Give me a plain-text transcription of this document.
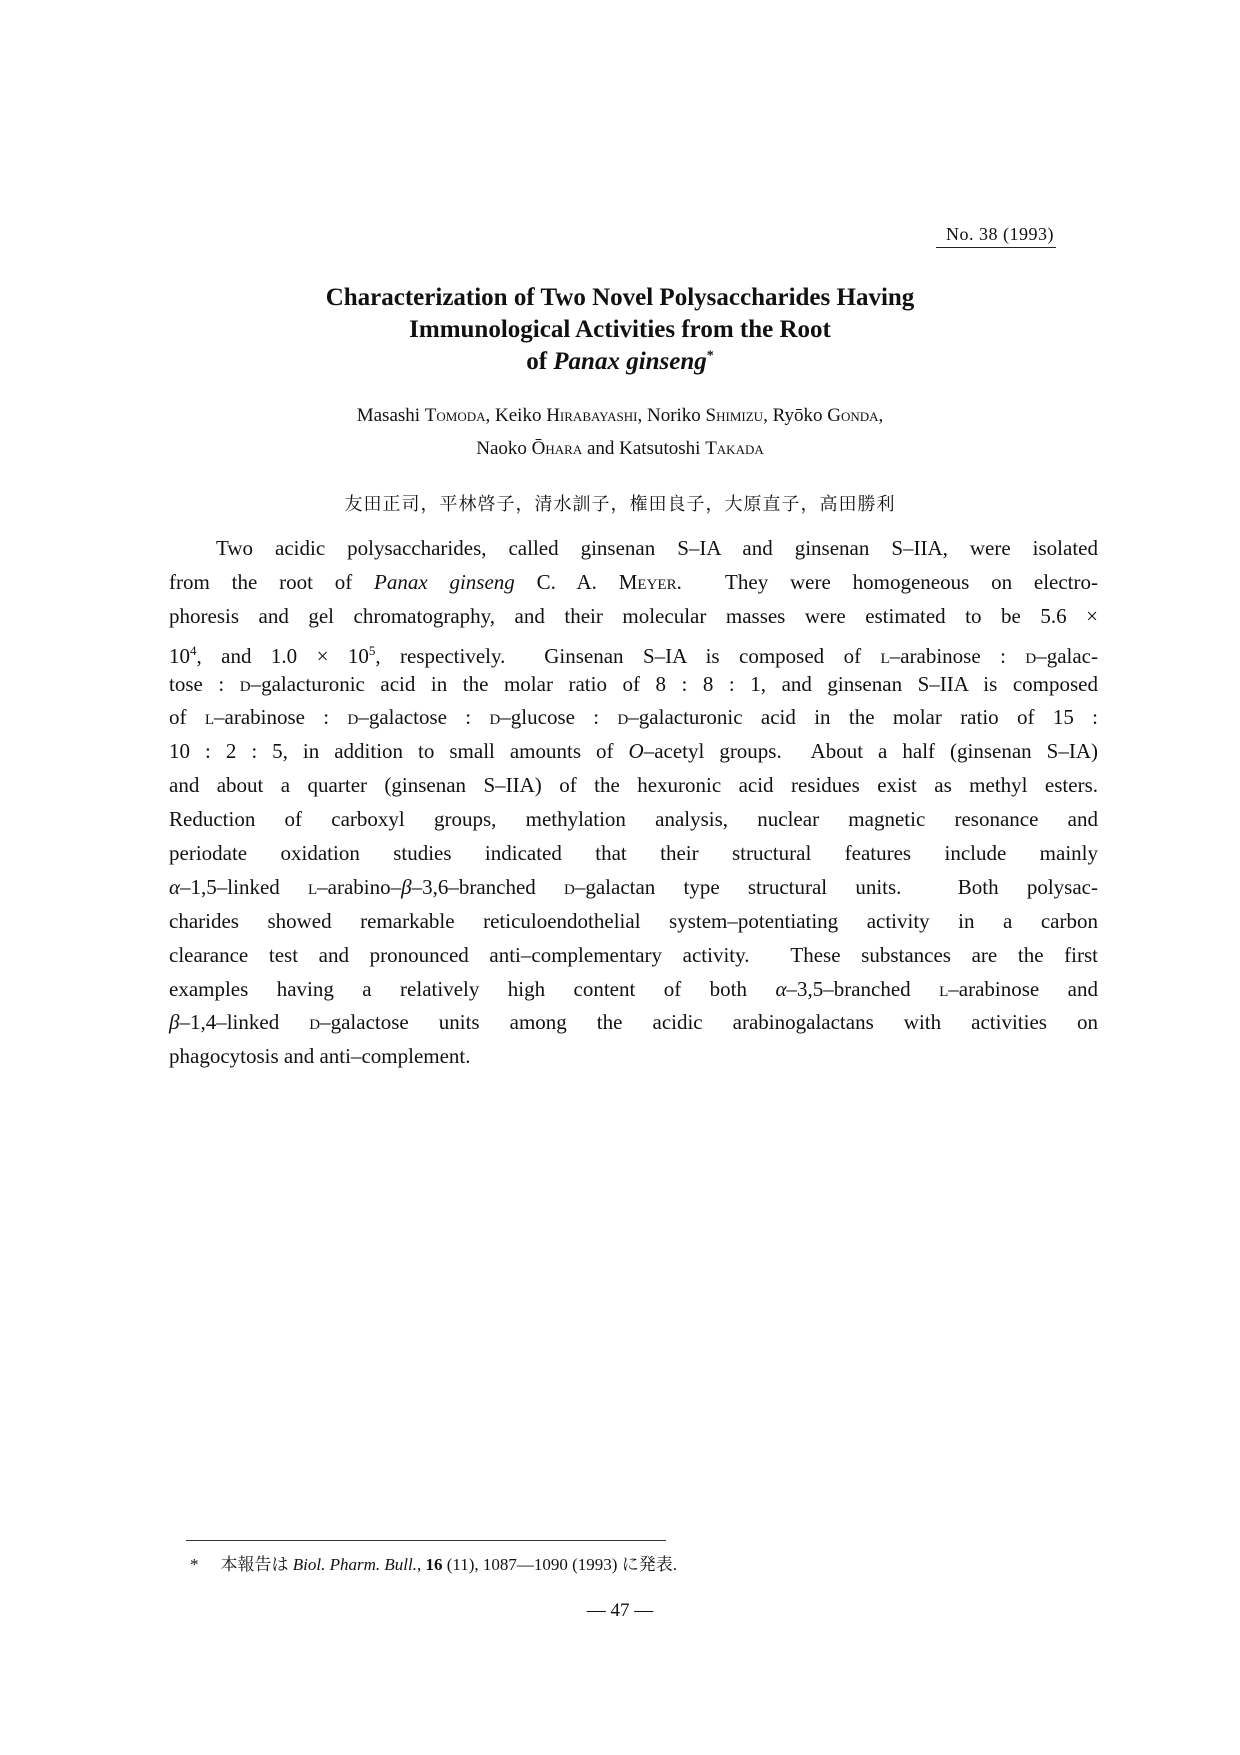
No. 38 (1993)
Characterization of Two Novel Polysaccharides Having
Immunological Activities from the Root
of Panax ginseng*
Masashi Tomoda, Keiko Hirabayashi, Noriko Shimizu, Ryōko Gonda,
Naoko Ōhara and Katsutoshi Takada
友田正司，平林啓子，清水訓子，権田良子，大原直子，高田勝利
Two acidic polysaccharides, called ginsenan S–IA and ginsenan S–IIA, were isolated
from the root of Panax ginseng C. A. Meyer.  They were homogeneous on electro-
phoresis and gel chromatography, and their molecular masses were estimated to be 5.6 ×
$10^4$, and $1.0 \times 10^5$, respectively.  Ginsenan S–IA is composed of l–arabinose : d–galac-
tose : d–galacturonic acid in the molar ratio of 8 : 8 : 1, and ginsenan S–IIA is composed
of l–arabinose : d–galactose : d–glucose : d–galacturonic acid in the molar ratio of 15 :
10 : 2 : 5, in addition to small amounts of O–acetyl groups.  About a half (ginsenan S–IA)
and about a quarter (ginsenan S–IIA) of the hexuronic acid residues exist as methyl esters.
Reduction of carboxyl groups, methylation analysis, nuclear magnetic resonance and
periodate oxidation studies indicated that their structural features include mainly
α–1,5–linked l–arabino–β–3,6–branched d–galactan type structural units.  Both polysac-
charides showed remarkable reticuloendothelial system–potentiating activity in a carbon
clearance test and pronounced anti–complementary activity.  These substances are the first
examples having a relatively high content of both α–3,5–branched l–arabinose and
β–1,4–linked d–galactose units among the acidic arabinogalactans with activities on
phagocytosis and anti–complement.
* 本報告は Biol. Pharm. Bull., 16 (11), 1087—1090 (1993) に発表.
— 47 —
